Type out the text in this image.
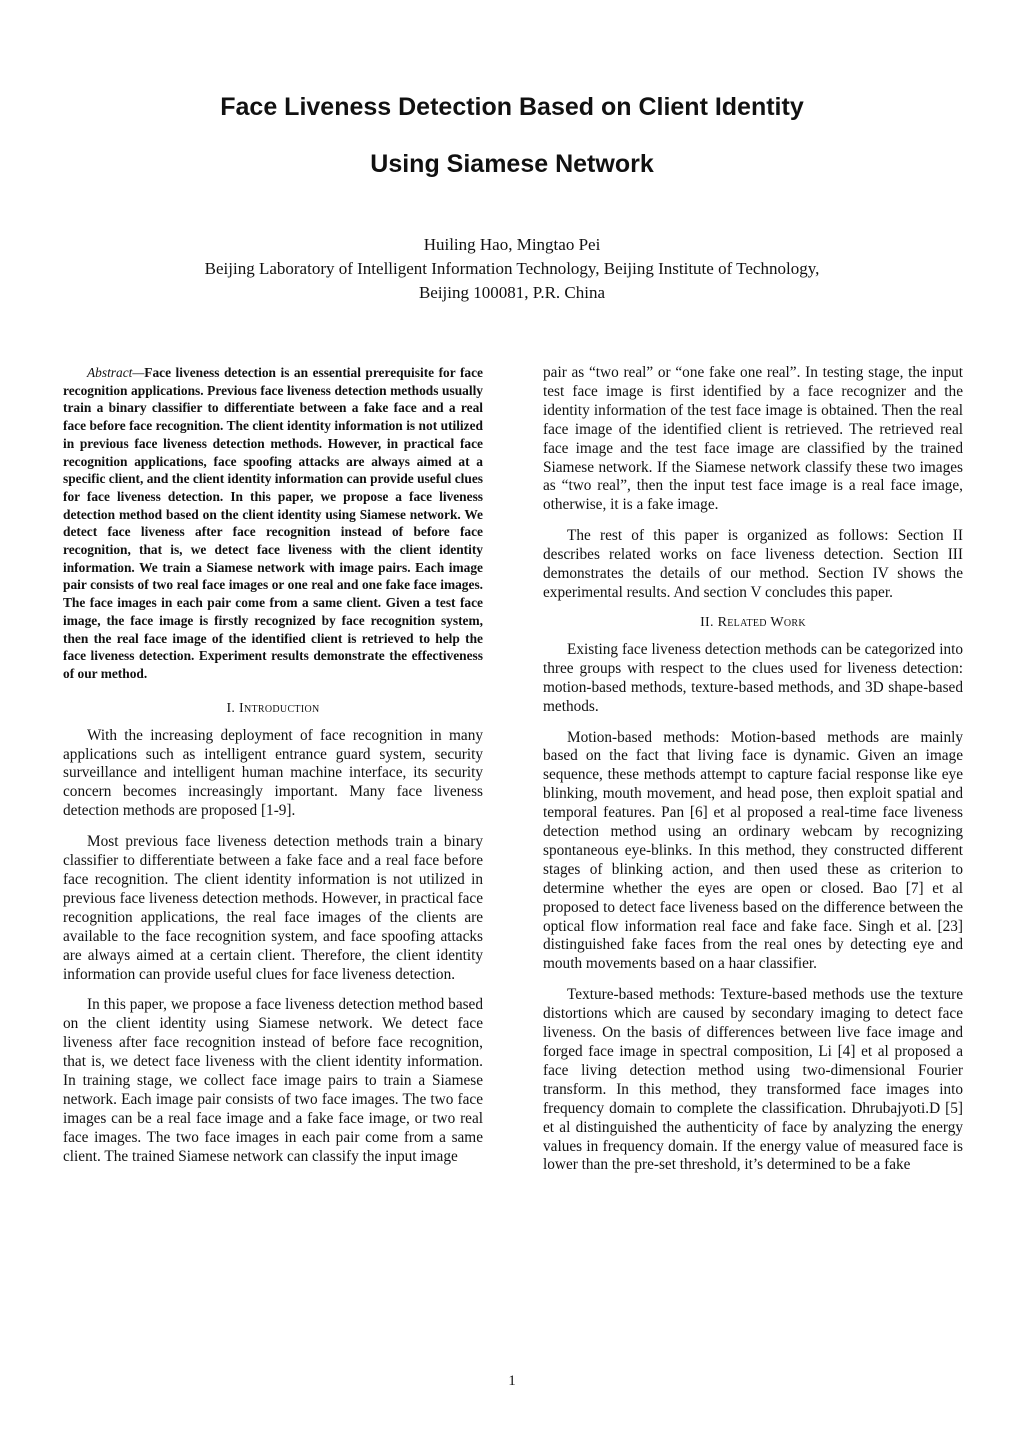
Face Liveness Detection Based on Client Identity
Using Siamese Network
Huiling Hao, Mingtao Pei
Beijing Laboratory of Intelligent Information Technology, Beijing Institute of Technology,
Beijing 100081, P.R. China

Abstract—Face liveness detection is an essential prerequisite for face recognition applications. Previous face liveness detection methods usually train a binary classifier to differentiate between a fake face and a real face before face recognition. The client identity information is not utilized in previous face liveness detection methods. However, in practical face recognition applications, face spoofing attacks are always aimed at a specific client, and the client identity information can provide useful clues for face liveness detection. In this paper, we propose a face liveness detection method based on the client identity using Siamese network. We detect face liveness after face recognition instead of before face recognition, that is, we detect face liveness with the client identity information. We train a Siamese network with image pairs. Each image pair consists of two real face images or one real and one fake face images. The face images in each pair come from a same client. Given a test face image, the face image is firstly recognized by face recognition system, then the real face image of the identified client is retrieved to help the face liveness detection. Experiment results demonstrate the effectiveness of our method.

I. Introduction

With the increasing deployment of face recognition in many applications such as intelligent entrance guard system, security surveillance and intelligent human machine interface, its security concern becomes increasingly important. Many face liveness detection methods are proposed [1-9].

Most previous face liveness detection methods train a binary classifier to differentiate between a fake face and a real face before face recognition. The client identity information is not utilized in previous face liveness detection methods. However, in practical face recognition applications, the real face images of the clients are available to the face recognition system, and face spoofing attacks are always aimed at a certain client. Therefore, the client identity information can provide useful clues for face liveness detection.

In this paper, we propose a face liveness detection method based on the client identity using Siamese network. We detect face liveness after face recognition instead of before face recognition, that is, we detect face liveness with the client identity information. In training stage, we collect face image pairs to train a Siamese network. Each image pair consists of two face images. The two face images can be a real face image and a fake face image, or two real face images. The two face images in each pair come from a same client. The trained Siamese network can classify the input image

pair as “two real” or “one fake one real”. In testing stage, the input test face image is first identified by a face recognizer and the identity information of the test face image is obtained. Then the real face image of the identified client is retrieved. The retrieved real face image and the test face image are classified by the trained Siamese network. If the Siamese network classify these two images as “two real”, then the input test face image is a real face image, otherwise, it is a fake image.

The rest of this paper is organized as follows: Section II describes related works on face liveness detection. Section III demonstrates the details of our method. Section IV shows the experimental results. And section V concludes this paper.

II. Related Work

Existing face liveness detection methods can be categorized into three groups with respect to the clues used for liveness detection: motion-based methods, texture-based methods, and 3D shape-based methods.

Motion-based methods: Motion-based methods are mainly based on the fact that living face is dynamic. Given an image sequence, these methods attempt to capture facial response like eye blinking, mouth movement, and head pose, then exploit spatial and temporal features. Pan [6] et al proposed a real-time face liveness detection method using an ordinary webcam by recognizing spontaneous eye-blinks. In this method, they constructed different stages of blinking action, and then used these as criterion to determine whether the eyes are open or closed. Bao [7] et al proposed to detect face liveness based on the difference between the optical flow information real face and fake face. Singh et al. [23] distinguished fake faces from the real ones by detecting eye and mouth movements based on a haar classifier.

Texture-based methods: Texture-based methods use the texture distortions which are caused by secondary imaging to detect face liveness. On the basis of differences between live face image and forged face image in spectral composition, Li [4] et al proposed a face living detection method using two-dimensional Fourier transform. In this method, they transformed face images into frequency domain to complete the classification. Dhrubajyoti.D [5] et al distinguished the authenticity of face by analyzing the energy values in frequency domain. If the energy value of measured face is lower than the pre-set threshold, it’s determined to be a fake

1
